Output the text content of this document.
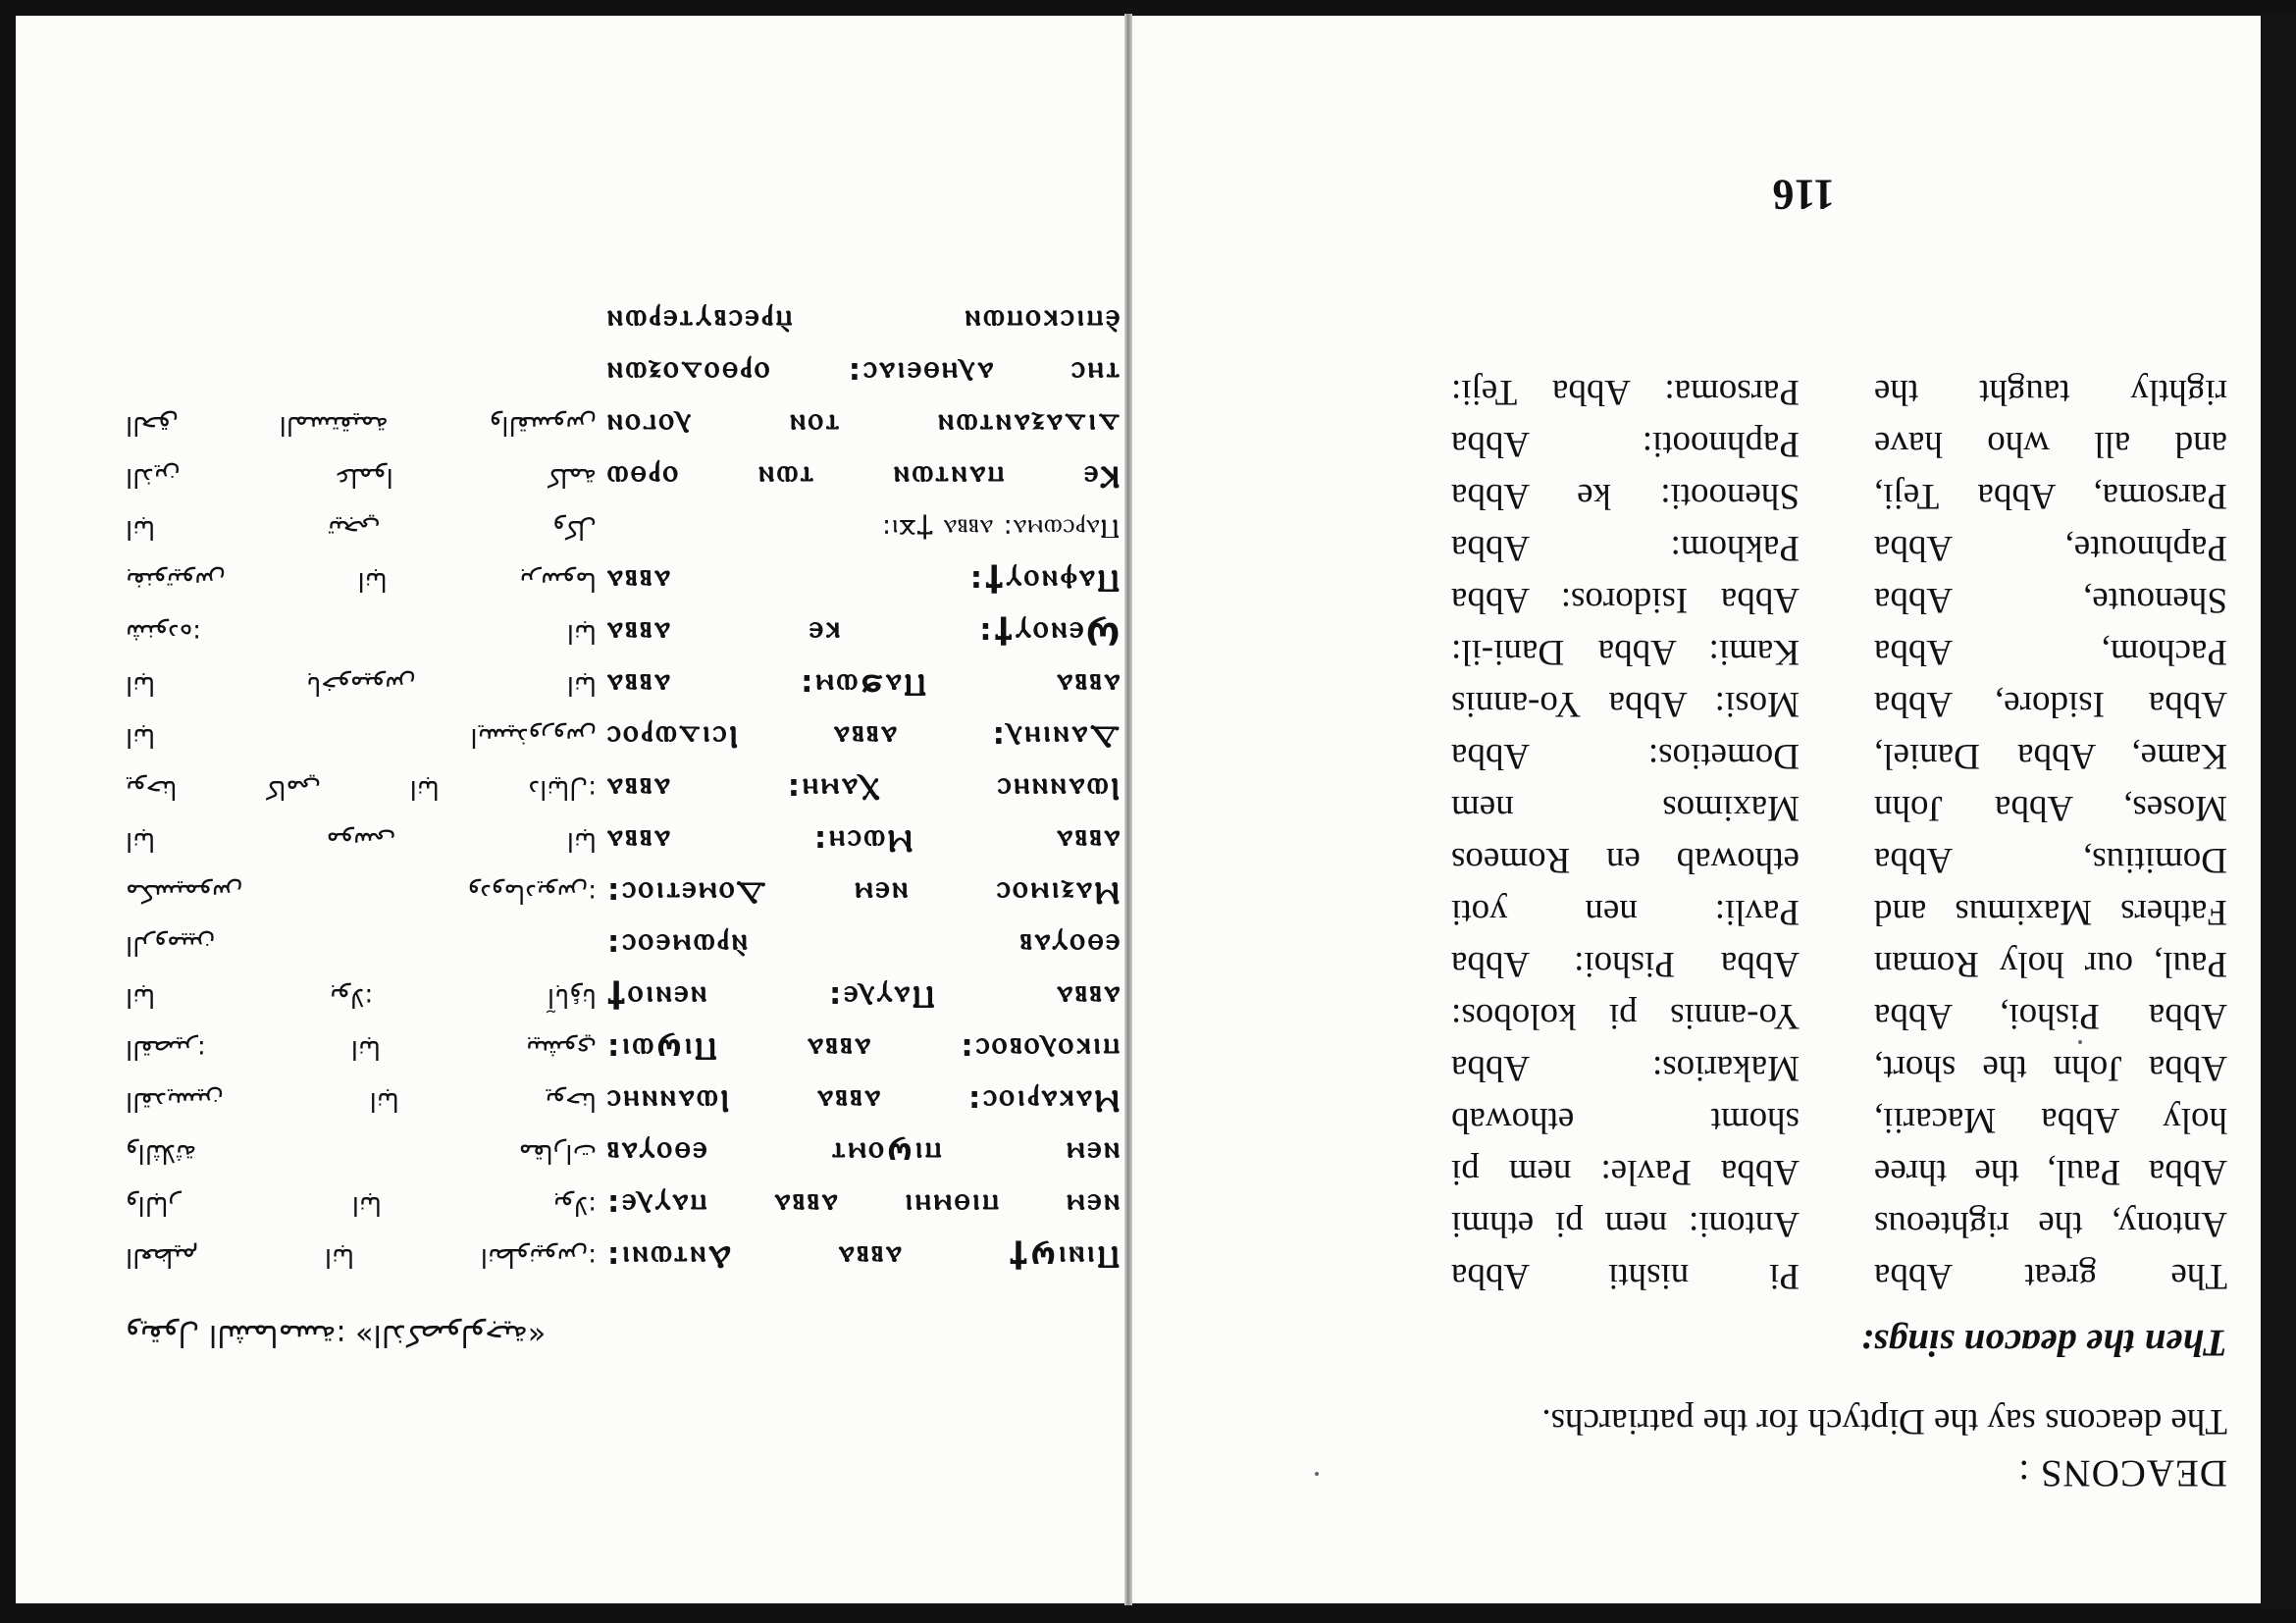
116
DEACONS :
The deacons say the Diptych for the patriarchs.
Then the deacon sings:
The great Abba
Antony, the righteous
Abba Paul, the three
holy Abba Macarii,
Abba John the short,
Abba Pishoi, Abba
Paul, our holy Roman
Fathers Maximus and
Domitius, Abba
Moses, Abba John
Kame, Abba Daniel,
Abba Isidore, Abba
Pachom, Abba
Shenoute, Abba
Paphnoute, Abba
Parsoma, Abba Teji,
and all who have
rightly taught the
Pi nishti Abba
Antoni: nem pi ethmi
Abba Pavle: nem pi
shomt ethowab
Makarios: Abba
Yo-annis pi kolobos:
Abba Pishoi: Abba
Pavli: nen yoti
ethowab en Romeos
Maximos nem
Dometios: Abba
Mosi: Abba Yo-annis
Kami: Abba Dani-il:
Abba Isidoros: Abba
Pakhom: Abba
Shenooti: ke Abba
Paphnooti: Abba
Parsoma: Abba Teji:
Ⲡⲓⲛⲓϣϯ ⲁⲃⲃⲁ Ⲁⲛⲧⲱⲛⲓ:
ⲛⲉⲙ ⲡⲓⲑⲙⲏⲓ ⲁⲃⲃⲁ ⲡⲁⲩⲗⲉ:
ⲛⲉⲙ ⲡⲓϣⲟⲙⲧ ⲉⲑⲟⲩⲁⲃ
Ⲙⲁⲕⲁⲣⲓⲟⲥ: ⲁⲃⲃⲁ Ⲓⲱⲁⲛⲛⲏⲥ
ⲡⲓⲕⲟⲗⲟⲃⲟⲥ: ⲁⲃⲃⲁ Ⲡⲓϣⲱⲓ:
ⲁⲃⲃⲁ Ⲡⲁⲩⲗⲉ: ⲛⲉⲛⲓⲟϯ
ⲉⲑⲟⲩⲁⲃ ⲛ̀ⲣⲱⲙⲉⲟⲥ:
Ⲙⲁⲝⲓⲙⲟⲥ ⲛⲉⲙ Ⲇⲟⲙⲉⲧⲓⲟⲥ:
ⲁⲃⲃⲁ Ⲙⲱⲥⲏ: ⲁⲃⲃⲁ
Ⲓⲱⲁⲛⲛⲏⲥ Ⲭⲁⲙⲏ: ⲁⲃⲃⲁ
Ⲇⲁⲛⲓⲏⲗ: ⲁⲃⲃⲁ Ⲓⲥⲓⲇⲱⲣⲟⲥ
ⲁⲃⲃⲁ Ⲡⲁϧⲱⲙ: ⲁⲃⲃⲁ
Ϣⲉⲛⲟⲩϯ: ⲕⲉ ⲁⲃⲃⲁ
Ⲡⲁⲫⲛⲟⲩϯ: ⲁⲃⲃⲁ
Ⲡⲁⲣⲥⲱⲙⲁ: ⲁⲃⲃⲁ Ϯϫⲓ:
Ⲕⲉ ⲡⲁⲛⲧⲱⲛ ⲧⲱⲛ ⲟⲣⲑⲱ
ⲇⲓⲇⲁⲝⲁⲛⲧⲱⲛ ⲧⲟⲛ ⲗⲟⲅⲟⲛ
ⲧⲏⲥ ⲁⲗⲏⲑⲉⲓⲁⲥ: ⲟⲣⲑⲟⲇⲟⲝⲱⲛ
ⲉ̀ⲡⲓⲥⲕⲟⲡⲱⲛ ⲡ̀ⲣⲉⲥⲃⲩⲧⲉⲣⲱⲛ
ويقول الشمامسة: «الذكصولوجية»
العظيم انبا انطونيوس:
والبار انبا بولا:
والثلاثة مقارات
القديسين انبا يوحنا
القصير: انبا بيشوي
انبا بولا: آباؤنا
الروميين
مكسيموس ودوماديوس:
انبا موسى انبا
يوحنا كامي انبا دانيال:
انبا ايسيذوروس
انبا باخوميوس انبا
شنوده: انبا
بفنوتيوس انبا برسوما
انبا تيجي وكل
الذين علموا كلمة
الحق المستقيمة والقسوس
